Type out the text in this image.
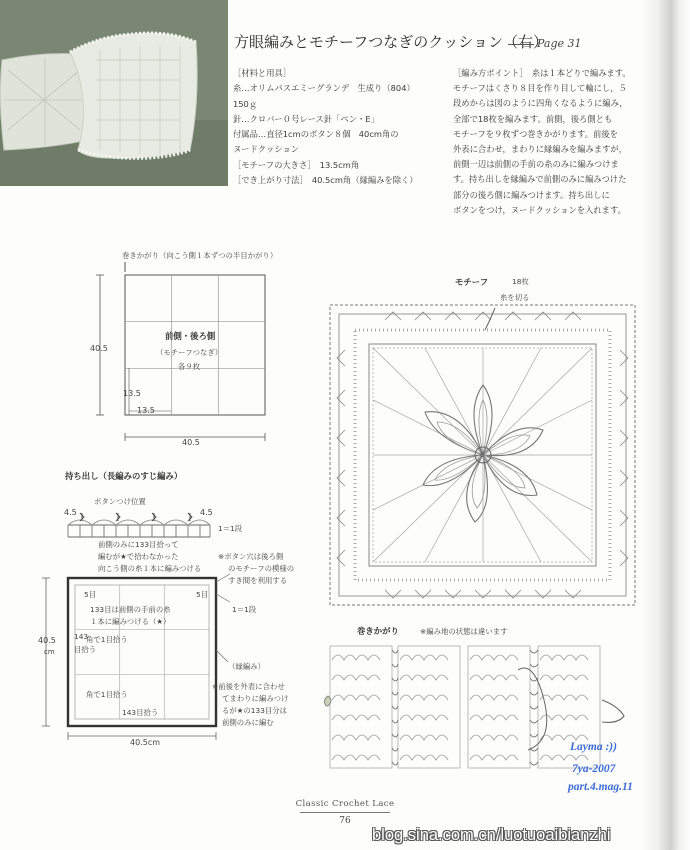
方眼編みとモチーフつなぎのクッション（右）
Page 31
［材料と用具］
糸…オリムパスエミーグランデ　生成り（804）
150ｇ
針…クロバー０号レース針「ペン・E」
付属品…直径1cmのボタン８個　40cm角の
ヌードクッション
［モチーフの大きさ］　13.5cm角
［でき上がり寸法］　40.5cm角（縁編みを除く）
［編み方ポイント］　糸は１本どりで編みます。
モチーフはくさり８目を作り目して輪にし，５
段めからは図のように四角くなるように編み，
全部で18枚を編みます。前側，後ろ側とも
モチーフを９枚ずつ巻きかがります。前後を
外表に合わせ，まわりに縁編みを編みますが，
前側一辺は前側の手前の糸のみに編みつけま
す。持ち出しを縁編みで前側のみに編みつけた
部分の後ろ側に編みつけます。持ち出しに
ボタンをつけ，ヌードクッションを入れます。
巻きかがり（向こう側１本ずつの半目かがり）
40.5
40.5
13.5
13.5
前側・後ろ側
（モチーフつなぎ）
各９枚
モチーフ	18枚
糸を切る
8
持ち出し（長編みのすじ編み）
ボタンつけ位置
4.5	4.5
1＝1段
前側のみに133目拾って
編むが★で拾わなかった
向こう側の糸１本に編みつける
※ボタン穴は後ろ側
のモチーフの模様の
すき間を利用する
40.5
cm
5目	5目
1＝1段
133目は前側の手前の糸
１本に編みつける（★）
143
目拾う
角で1目拾う
角で1目拾う
143目拾う
40.5cm
（縁編み）
※前後を外表に合わせ
てまわりに編みつけ
るが★の133目分は
前側のみに編む
巻きかがり	※編み地の状態は違います
Classic Crochet Lace
76
Layma :))
7ya-2007
part.4.mag.11
blog.sina.com.cn/luotuoaibianzhi
